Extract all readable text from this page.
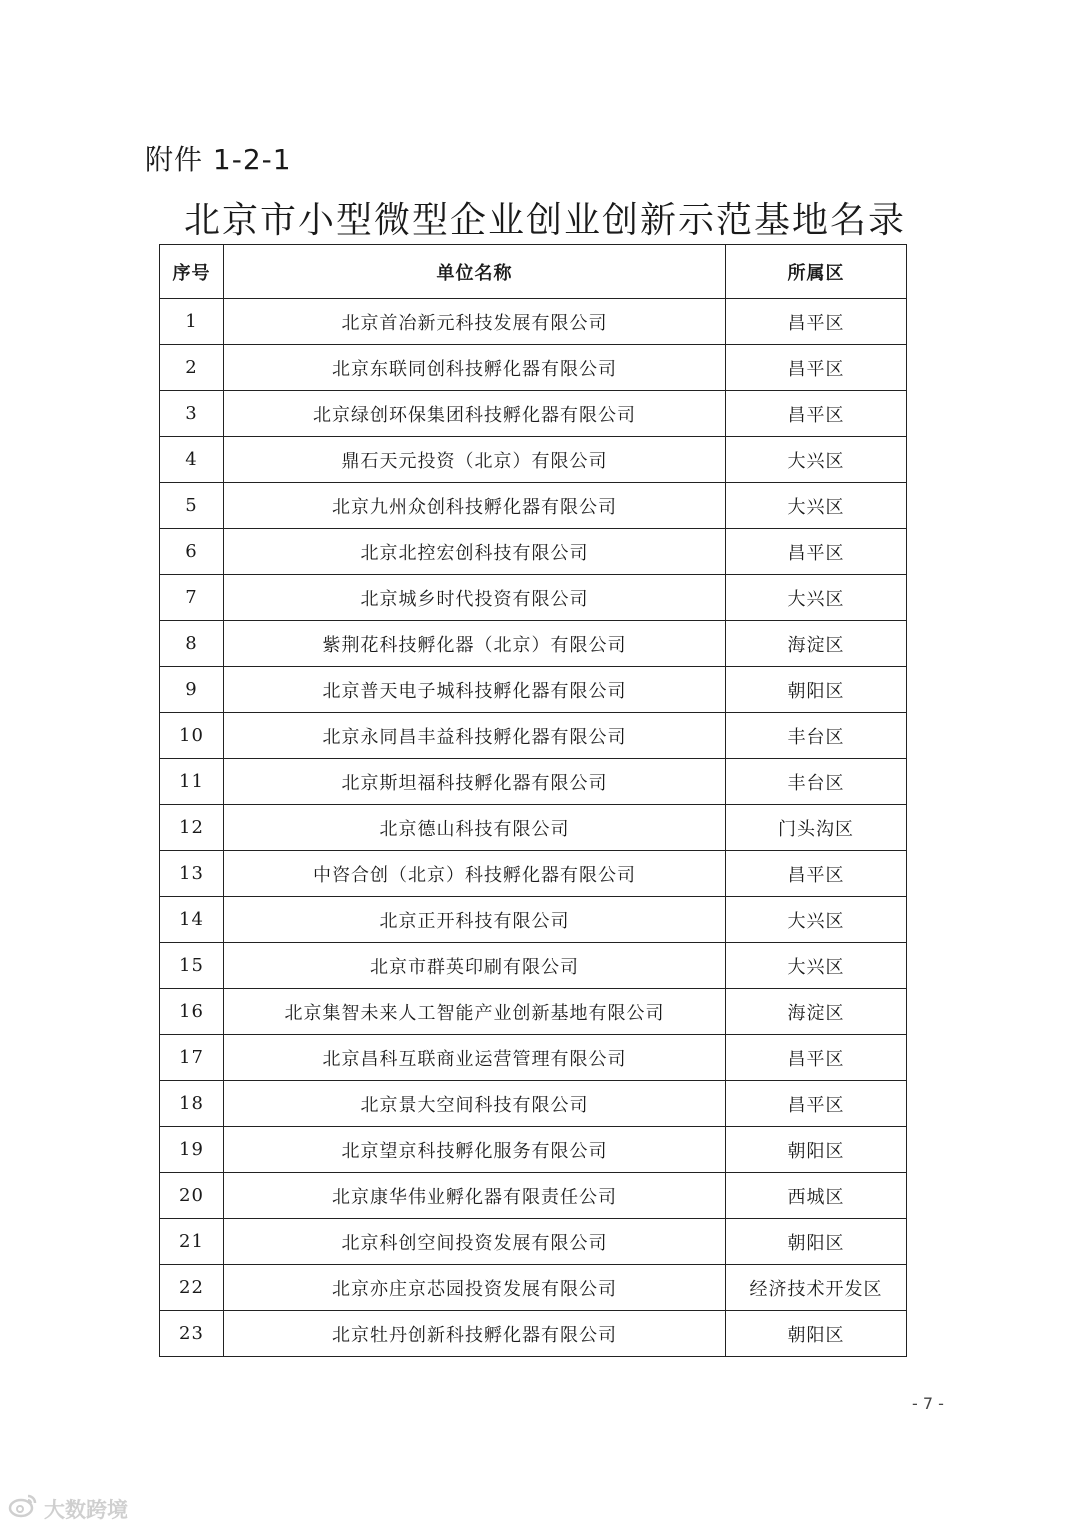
附件 1-2-1
北京市小型微型企业创业创新示范基地名录
序号	单位名称	所属区
1	北京首冶新元科技发展有限公司	昌平区
2	北京东联同创科技孵化器有限公司	昌平区
3	北京绿创环保集团科技孵化器有限公司	昌平区
4	鼎石天元投资（北京）有限公司	大兴区
5	北京九州众创科技孵化器有限公司	大兴区
6	北京北控宏创科技有限公司	昌平区
7	北京城乡时代投资有限公司	大兴区
8	紫荆花科技孵化器（北京）有限公司	海淀区
9	北京普天电子城科技孵化器有限公司	朝阳区
10	北京永同昌丰益科技孵化器有限公司	丰台区
11	北京斯坦福科技孵化器有限公司	丰台区
12	北京德山科技有限公司	门头沟区
13	中咨合创（北京）科技孵化器有限公司	昌平区
14	北京正开科技有限公司	大兴区
15	北京市群英印刷有限公司	大兴区
16	北京集智未来人工智能产业创新基地有限公司	海淀区
17	北京昌科互联商业运营管理有限公司	昌平区
18	北京景大空间科技有限公司	昌平区
19	北京望京科技孵化服务有限公司	朝阳区
20	北京康华伟业孵化器有限责任公司	西城区
21	北京科创空间投资发展有限公司	朝阳区
22	北京亦庄京芯园投资发展有限公司	经济技术开发区
23	北京牡丹创新科技孵化器有限公司	朝阳区
- 7 -
大数跨境
